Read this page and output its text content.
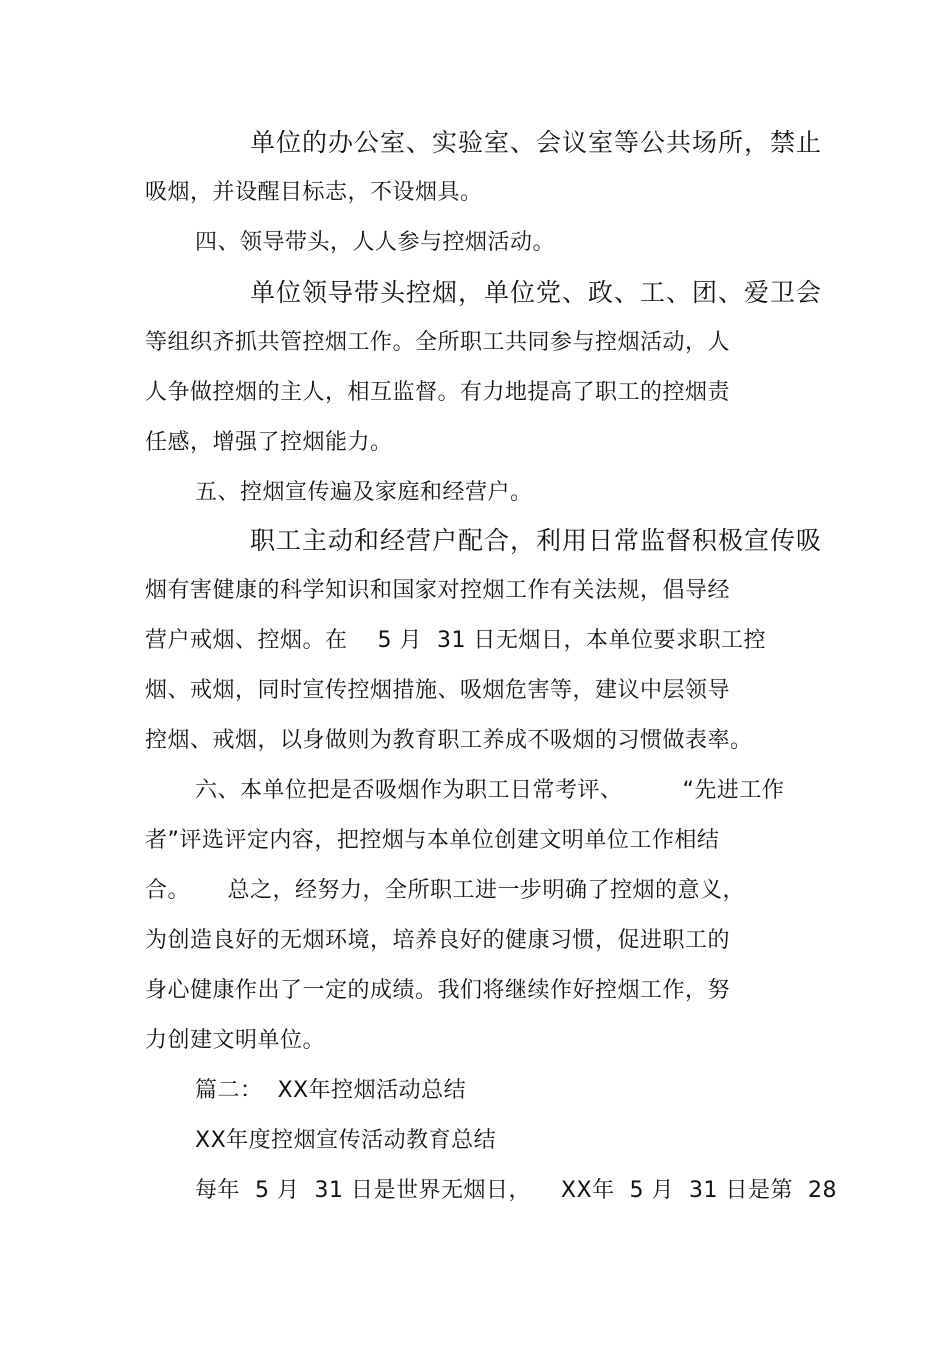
单位的办公室、实验室、会议室等公共场所，禁止
吸烟，并设醒目标志，不设烟具。
四、领导带头，人人参与控烟活动。
单位领导带头控烟，单位党、政、工、团、爱卫会
等组织齐抓共管控烟工作。全所职工共同参与控烟活动，人
人争做控烟的主人，相互监督。有力地提高了职工的控烟责
任感，增强了控烟能力。
五、控烟宣传遍及家庭和经营户。
职工主动和经营户配合，利用日常监督积极宣传吸
烟有害健康的科学知识和国家对控烟工作有关法规，倡导经
营户戒烟、控烟。在    5 月  31 日无烟日，本单位要求职工控
烟、戒烟，同时宣传控烟措施、吸烟危害等，建议中层领导
控烟、戒烟，以身做则为教育职工养成不吸烟的习惯做表率。
六、本单位把是否吸烟作为职工日常考评、        “先进工作
者”评选评定内容，把控烟与本单位创建文明单位工作相结
合。     总之，经努力，全所职工进一步明确了控烟的意义，
为创造良好的无烟环境，培养良好的健康习惯，促进职工的
身心健康作出了一定的成绩。我们将继续作好控烟工作，努
力创建文明单位。
篇二：  XX年控烟活动总结
XX年度控烟宣传活动教育总结
每年  5 月  31 日是世界无烟日，    XX年  5 月  31 日是第  28
